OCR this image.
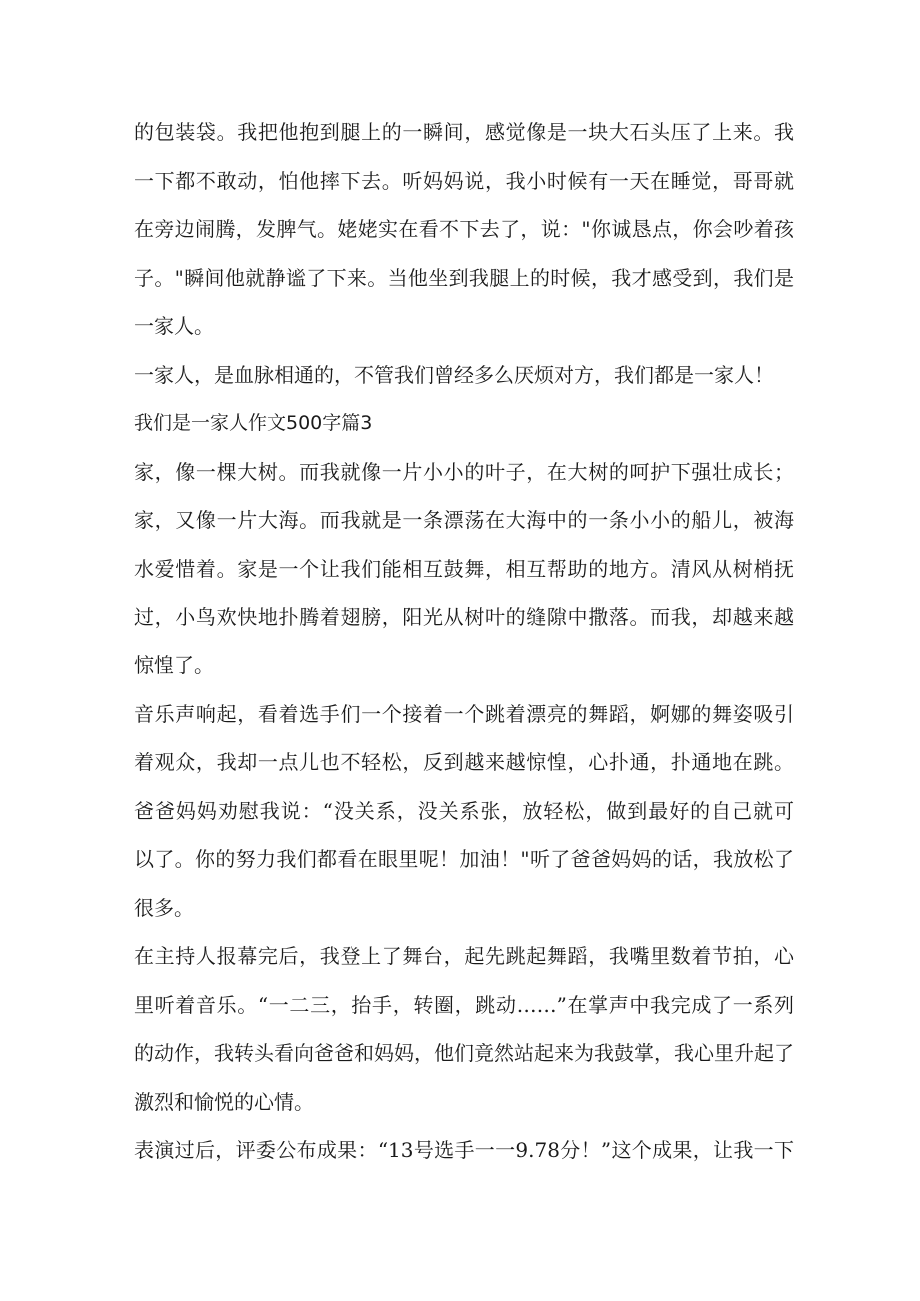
的包装袋。我把他抱到腿上的一瞬间，感觉像是一块大石头压了上来。我

一下都不敢动，怕他摔下去。听妈妈说，我小时候有一天在睡觉，哥哥就

在旁边闹腾，发脾气。姥姥实在看不下去了，说："你诚恳点，你会吵着孩

子。"瞬间他就静谧了下来。当他坐到我腿上的时候，我才感受到，我们是

一家人。

一家人，是血脉相通的，不管我们曾经多么厌烦对方，我们都是一家人！

我们是一家人作文500字篇3

家，像一棵大树。而我就像一片小小的叶子，在大树的呵护下强壮成长；

家，又像一片大海。而我就是一条漂荡在大海中的一条小小的船儿，被海

水爱惜着。家是一个让我们能相互鼓舞，相互帮助的地方。清风从树梢抚

过，小鸟欢快地扑腾着翅膀，阳光从树叶的缝隙中撒落。而我，却越来越

惊惶了。

音乐声响起，看着选手们一个接着一个跳着漂亮的舞蹈，婀娜的舞姿吸引

着观众，我却一点儿也不轻松，反到越来越惊惶，心扑通，扑通地在跳。

爸爸妈妈劝慰我说：“没关系，没关系张，放轻松，做到最好的自己就可

以了。你的努力我们都看在眼里呢！加油！"听了爸爸妈妈的话，我放松了

很多。

在主持人报幕完后，我登上了舞台，起先跳起舞蹈，我嘴里数着节拍，心

里听着音乐。“一二三，抬手，转圈，跳动……”在掌声中我完成了一系列

的动作，我转头看向爸爸和妈妈，他们竟然站起来为我鼓掌，我心里升起了

激烈和愉悦的心情。

表演过后，评委公布成果：“13号选手一一9.78分！”这个成果，让我一下
